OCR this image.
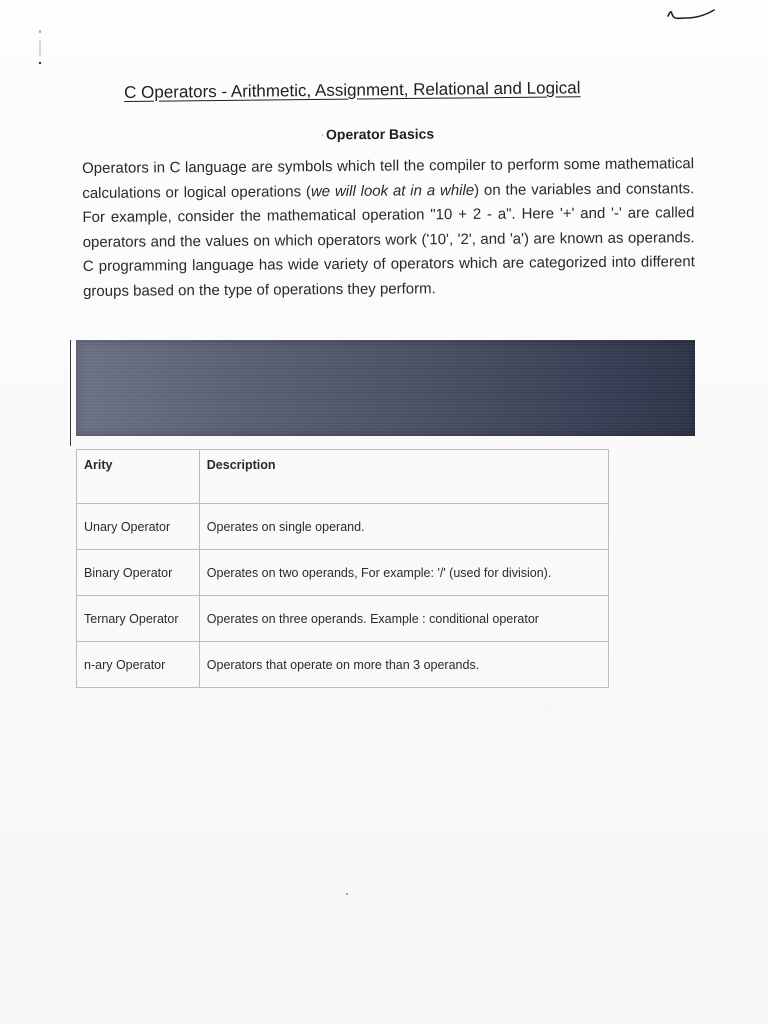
C Operators - Arithmetic, Assignment, Relational and Logical
· Operator Basics
Operators in C language are symbols which tell the compiler to perform some mathematical calculations or logical operations (we will look at in a while) on the variables and constants. For example, consider the mathematical operation "10 + 2 - a". Here '+' and '-' are called operators and the values on which operators work ('10', '2', and 'a') are known as operands. C programming language has wide variety of operators which are categorized into different groups based on the type of operations they perform.
Arity	Description
Unary Operator	Operates on single operand.
Binary Operator	Operates on two operands, For example: '/' (used for division).
Ternary Operator	Operates on three operands. Example : conditional operator
n-ary Operator	Operators that operate on more than 3 operands.
